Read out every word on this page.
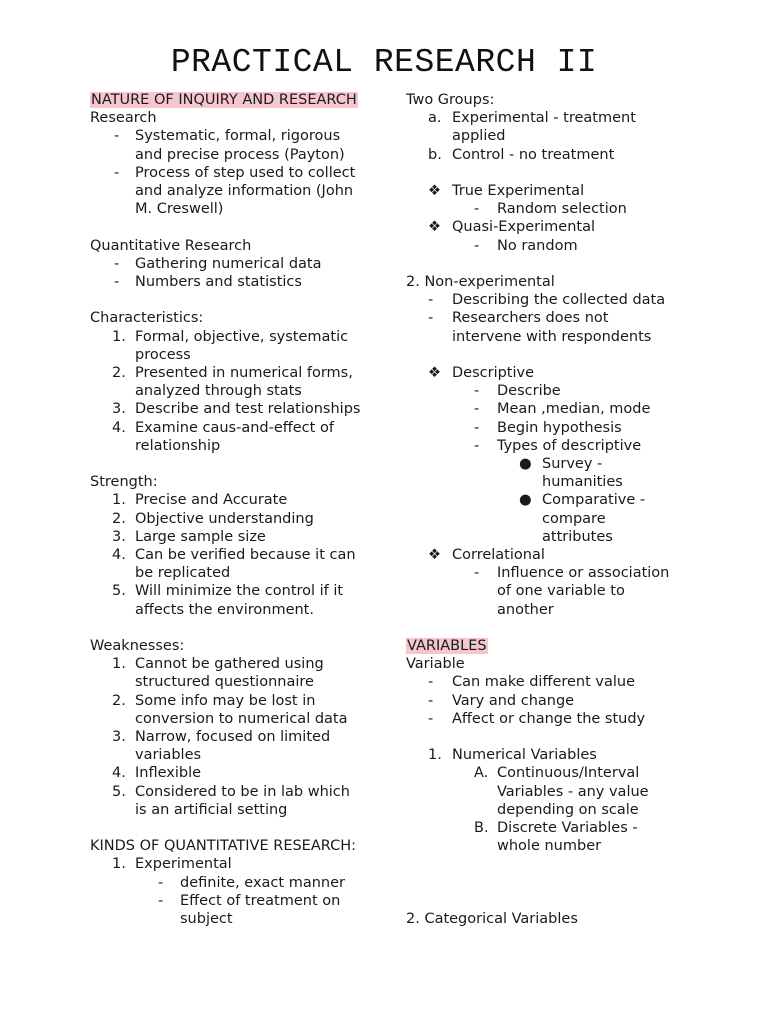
PRACTICAL RESEARCH II
NATURE OF INQUIRY AND RESEARCH
Research
-	Systematic, formal, rigorous
and precise process (Payton)
-	Process of step used to collect
and analyze information (John
M. Creswell)
Quantitative Research
-	Gathering numerical data
-	Numbers and statistics
Characteristics:
1. Formal, objective, systematic
process
2. Presented in numerical forms,
analyzed through stats
3. Describe and test relationships
4. Examine caus-and-effect of
relationship
Strength:
1. Precise and Accurate
2. Objective understanding
3. Large sample size
4. Can be verified because it can
be replicated
5. Will minimize the control if it
affects the environment.
Weaknesses:
1. Cannot be gathered using
structured questionnaire
2. Some info may be lost in
conversion to numerical data
3. Narrow, focused on limited
variables
4. Inflexible
5. Considered to be in lab which
is an artificial setting
KINDS OF QUANTITATIVE RESEARCH:
1. Experimental
-	definite, exact manner
-	Effect of treatment on
subject
Two Groups:
a. Experimental - treatment
applied
b. Control - no treatment
❖ True Experimental
-	Random selection
❖ Quasi-Experimental
-	No random
2. Non-experimental
-	Describing the collected data
-	Researchers does not
intervene with respondents
❖ Descriptive
-	Describe
-	Mean ,median, mode
-	Begin hypothesis
-	Types of descriptive
● Survey -
humanities
● Comparative -
compare
attributes
❖ Correlational
-	Influence or association
of one variable to
another
VARIABLES
Variable
-	Can make different value
-	Vary and change
-	Affect or change the study
1. Numerical Variables
A. Continuous/Interval
Variables - any value
depending on scale
B. Discrete Variables -
whole number
2. Categorical Variables
